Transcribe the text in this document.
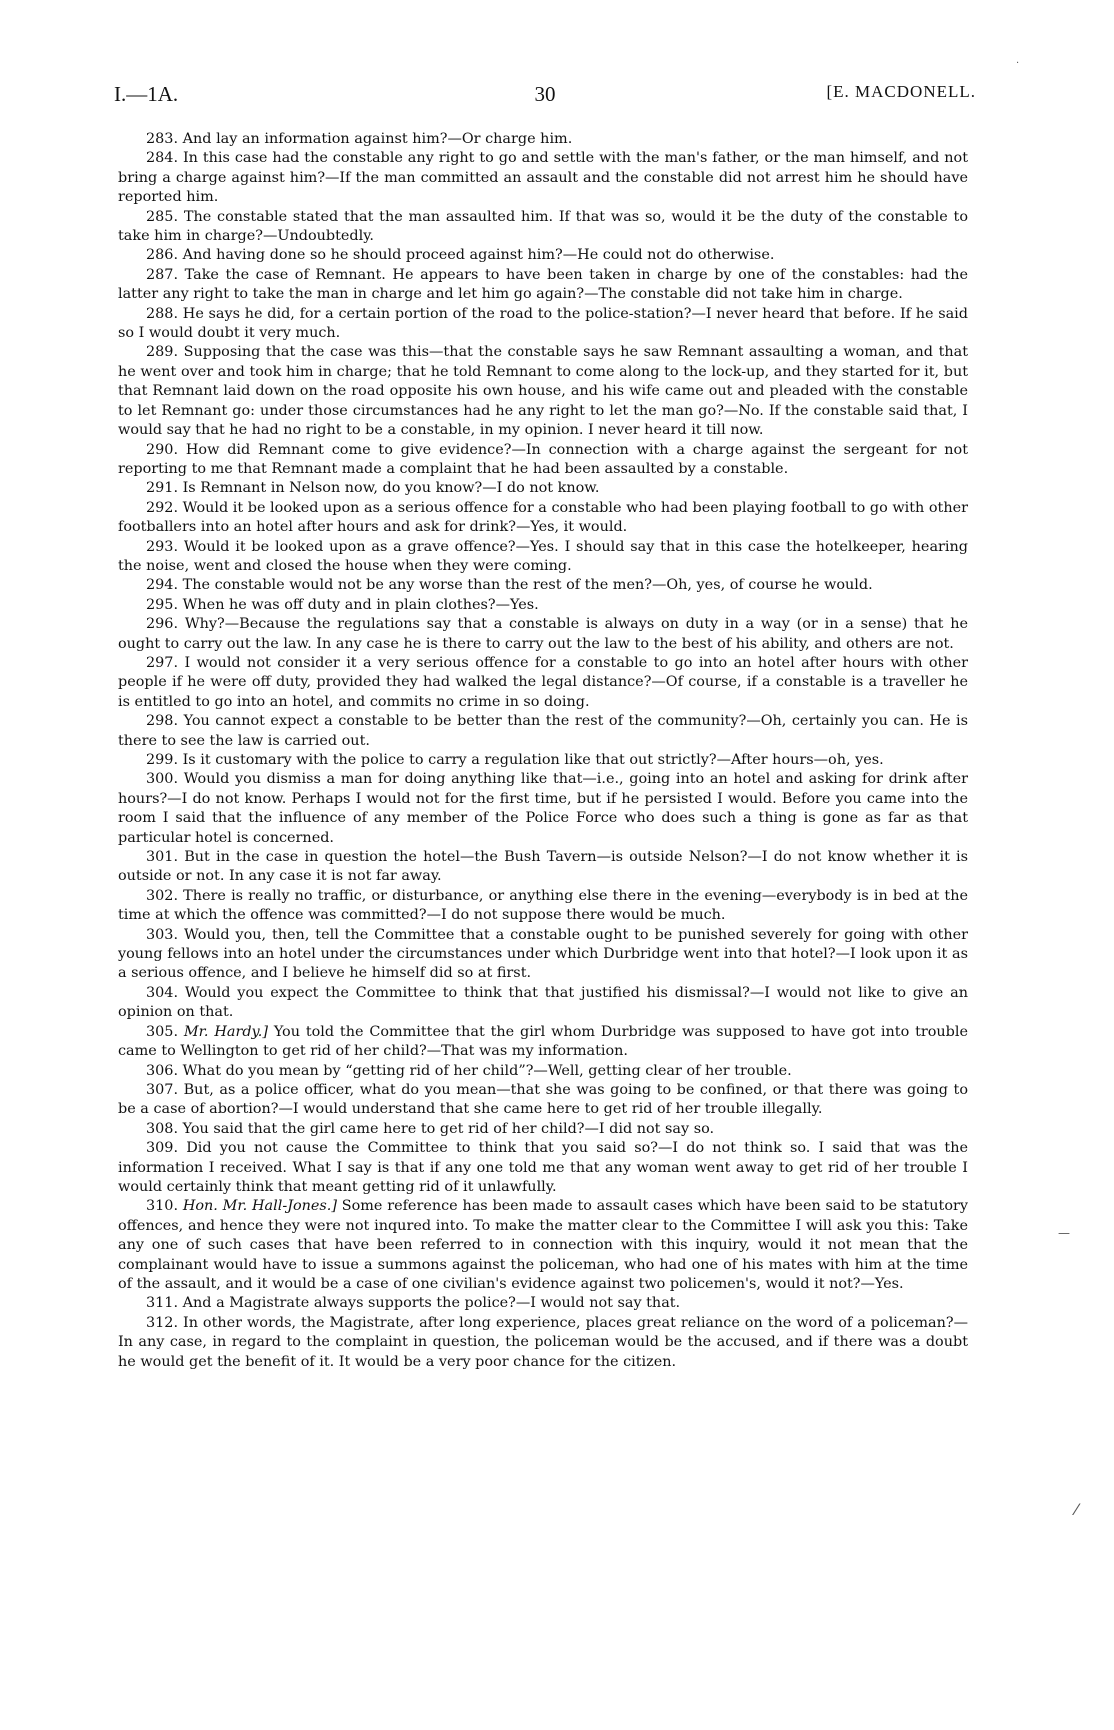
I.—1A.	30	[E. MACDONELL.

283. And lay an information against him?—Or charge him.

284. In this case had the constable any right to go and settle with the man's father, or the man himself, and not bring a charge against him?—If the man committed an assault and the constable did not arrest him he should have reported him.

285. The constable stated that the man assaulted him. If that was so, would it be the duty of the constable to take him in charge?—Undoubtedly.

286. And having done so he should proceed against him?—He could not do otherwise.

287. Take the case of Remnant. He appears to have been taken in charge by one of the constables: had the latter any right to take the man in charge and let him go again?—The constable did not take him in charge.

288. He says he did, for a certain portion of the road to the police-station?—I never heard that before. If he said so I would doubt it very much.

289. Supposing that the case was this—that the constable says he saw Remnant assaulting a woman, and that he went over and took him in charge; that he told Remnant to come along to the lock-up, and they started for it, but that Remnant laid down on the road opposite his own house, and his wife came out and pleaded with the constable to let Remnant go: under those circumstances had he any right to let the man go?—No. If the constable said that, I would say that he had no right to be a constable, in my opinion. I never heard it till now.

290. How did Remnant come to give evidence?—In connection with a charge against the sergeant for not reporting to me that Remnant made a complaint that he had been assaulted by a constable.

291. Is Remnant in Nelson now, do you know?—I do not know.

292. Would it be looked upon as a serious offence for a constable who had been playing football to go with other footballers into an hotel after hours and ask for drink?—Yes, it would.

293. Would it be looked upon as a grave offence?—Yes. I should say that in this case the hotelkeeper, hearing the noise, went and closed the house when they were coming.

294. The constable would not be any worse than the rest of the men?—Oh, yes, of course he would.

295. When he was off duty and in plain clothes?—Yes.

296. Why?—Because the regulations say that a constable is always on duty in a way (or in a sense) that he ought to carry out the law. In any case he is there to carry out the law to the best of his ability, and others are not.

297. I would not consider it a very serious offence for a constable to go into an hotel after hours with other people if he were off duty, provided they had walked the legal distance?—Of course, if a constable is a traveller he is entitled to go into an hotel, and commits no crime in so doing.

298. You cannot expect a constable to be better than the rest of the community?—Oh, certainly you can. He is there to see the law is carried out.

299. Is it customary with the police to carry a regulation like that out strictly?—After hours—oh, yes.

300. Would you dismiss a man for doing anything like that—i.e., going into an hotel and asking for drink after hours?—I do not know. Perhaps I would not for the first time, but if he persisted I would. Before you came into the room I said that the influence of any member of the Police Force who does such a thing is gone as far as that particular hotel is concerned.

301. But in the case in question the hotel—the Bush Tavern—is outside Nelson?—I do not know whether it is outside or not. In any case it is not far away.

302. There is really no traffic, or disturbance, or anything else there in the evening—everybody is in bed at the time at which the offence was committed?—I do not suppose there would be much.

303. Would you, then, tell the Committee that a constable ought to be punished severely for going with other young fellows into an hotel under the circumstances under which Durbridge went into that hotel?—I look upon it as a serious offence, and I believe he himself did so at first.

304. Would you expect the Committee to think that that justified his dismissal?—I would not like to give an opinion on that.

305. Mr. Hardy.] You told the Committee that the girl whom Durbridge was supposed to have got into trouble came to Wellington to get rid of her child?—That was my information.

306. What do you mean by “getting rid of her child”?—Well, getting clear of her trouble.

307. But, as a police officer, what do you mean—that she was going to be confined, or that there was going to be a case of abortion?—I would understand that she came here to get rid of her trouble illegally.

308. You said that the girl came here to get rid of her child?—I did not say so.

309. Did you not cause the Committee to think that you said so?—I do not think so. I said that was the information I received. What I say is that if any one told me that any woman went away to get rid of her trouble I would certainly think that meant getting rid of it unlawfully.

310. Hon. Mr. Hall-Jones.] Some reference has been made to assault cases which have been said to be statutory offences, and hence they were not inqured into. To make the matter clear to the Committee I will ask you this: Take any one of such cases that have been referred to in connection with this inquiry, would it not mean that the complainant would have to issue a summons against the policeman, who had one of his mates with him at the time of the assault, and it would be a case of one civilian's evidence against two policemen's, would it not?—Yes.

311. And a Magistrate always supports the police?—I would not say that.

312. In other words, the Magistrate, after long experience, places great reliance on the word of a policeman?—In any case, in regard to the complaint in question, the policeman would be the accused, and if there was a doubt he would get the benefit of it. It would be a very poor chance for the citizen.

·
—
⁄
